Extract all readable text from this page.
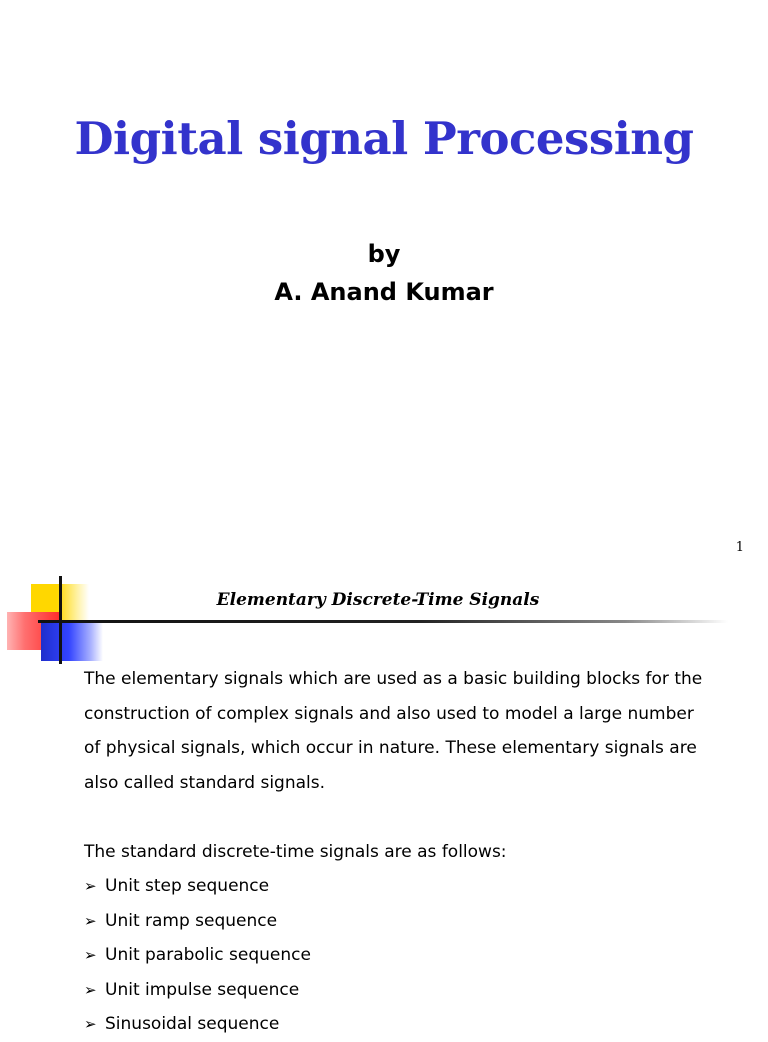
Digital signal Processing
by
A. Anand Kumar
1
Elementary Discrete-Time Signals

The elementary signals which are used as a basic building blocks for the construction of complex signals and also used to model a large number of physical signals, which occur in nature. These elementary signals are also called standard signals.

The standard discrete-time signals are as follows:

➢ Unit step sequence
➢ Unit ramp sequence
➢ Unit parabolic sequence
➢ Unit impulse sequence
➢ Sinusoidal sequence
